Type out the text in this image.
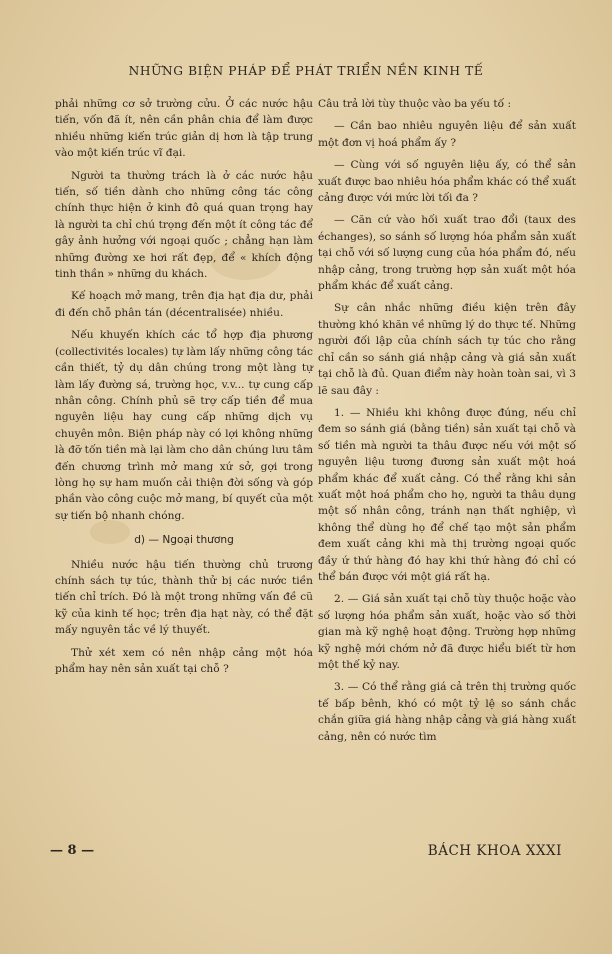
NHỮNG BIỆN PHÁP ĐỂ PHÁT TRIỂN NỀN KINH TẾ

phải những cơ sở trường cửu. Ở các nước hậu tiến, vốn đã ít, nên cần phân chia để làm được nhiều những kiến trúc giản dị hơn là tập trung vào một kiến trúc vĩ đại.

Người ta thường trách là ở các nước hậu tiến, số tiền dành cho những công tác công chính thực hiện ở kinh đô quá quan trọng hay là người ta chỉ chú trọng đến một ít công tác để gây ảnh hưởng với ngoại quốc ; chẳng hạn làm những đường xe hơi rất đẹp, để « khích động tinh thần » những du khách.

Kế hoạch mở mang, trên địa hạt địa dư, phải đi đến chỗ phân tán (décentralisée) nhiều.

Nếu khuyến khích các tổ hợp địa phương (collectivités locales) tự làm lấy những công tác cần thiết, tỷ dụ dân chúng trong một làng tự làm lấy đường sá, trường học, v.v... tự cung cấp nhân công. Chính phủ sẽ trợ cấp tiền để mua nguyên liệu hay cung cấp những dịch vụ chuyên môn. Biện pháp này có lợi không những là đỡ tốn tiền mà lại làm cho dân chúng lưu tâm đến chương trình mở mang xứ sở, gợi trong lòng họ sự ham muốn cải thiện đời sống và góp phần vào công cuộc mở mang, bí quyết của một sự tiến bộ nhanh chóng.

d) — Ngoại thương

Nhiều nước hậu tiến thường chủ trương chính sách tự túc, thành thử bị các nước tiền tiến chỉ trích. Đó là một trong những vấn đề cũ kỹ của kinh tế học; trên địa hạt này, có thể đặt mấy nguyên tắc về lý thuyết.

Thử xét xem có nên nhập cảng một hóa phẩm hay nên sản xuất tại chỗ ?

Câu trả lời tùy thuộc vào ba yếu tố :

— Cần bao nhiêu nguyên liệu để sản xuất một đơn vị hoá phẩm ấy ?

— Cùng với số nguyên liệu ấy, có thể sản xuất được bao nhiêu hóa phẩm khác có thể xuất cảng được với mức lời tối đa ?

— Căn cứ vào hối xuất trao đổi (taux des échanges), so sánh số lượng hóa phẩm sản xuất tại chỗ với số lượng cung của hóa phẩm đó, nếu nhập cảng, trong trường hợp sản xuất một hóa phẩm khác để xuất cảng.

Sự cân nhắc những điều kiện trên đây thường khó khăn về những lý do thực tế. Những người đối lập của chính sách tự túc cho rằng chỉ cần so sánh giá nhập cảng và giá sản xuất tại chỗ là đủ. Quan điểm này hoàn toàn sai, vì 3 lẽ sau đây :

1. — Nhiều khi không được đúng, nếu chỉ đem so sánh giá (bằng tiền) sản xuất tại chỗ và số tiền mà người ta thâu được nếu với một số nguyên liệu tương đương sản xuất một hoá phẩm khác để xuất cảng. Có thể rằng khi sản xuất một hoá phẩm cho họ, người ta thâu dụng một số nhân công, tránh nạn thất nghiệp, vì không thể dùng họ để chế tạo một sản phẩm đem xuất cảng khi mà thị trường ngoại quốc đầy ứ thứ hàng đó hay khi thứ hàng đó chỉ có thể bán được với một giá rất hạ.

2. — Giá sản xuất tại chỗ tùy thuộc hoặc vào số lượng hóa phẩm sản xuất, hoặc vào số thời gian mà kỹ nghệ hoạt động. Trường hợp những kỹ nghệ mới chớm nở đã được hiểu biết từ hơn một thế kỷ nay.

3. — Có thể rằng giá cả trên thị trường quốc tế bấp bênh, khó có một tỷ lệ so sánh chắc chắn giữa giá hàng nhập cảng và giá hàng xuất cảng, nên có nước tìm

— 8 —	BÁCH KHOA XXXI
